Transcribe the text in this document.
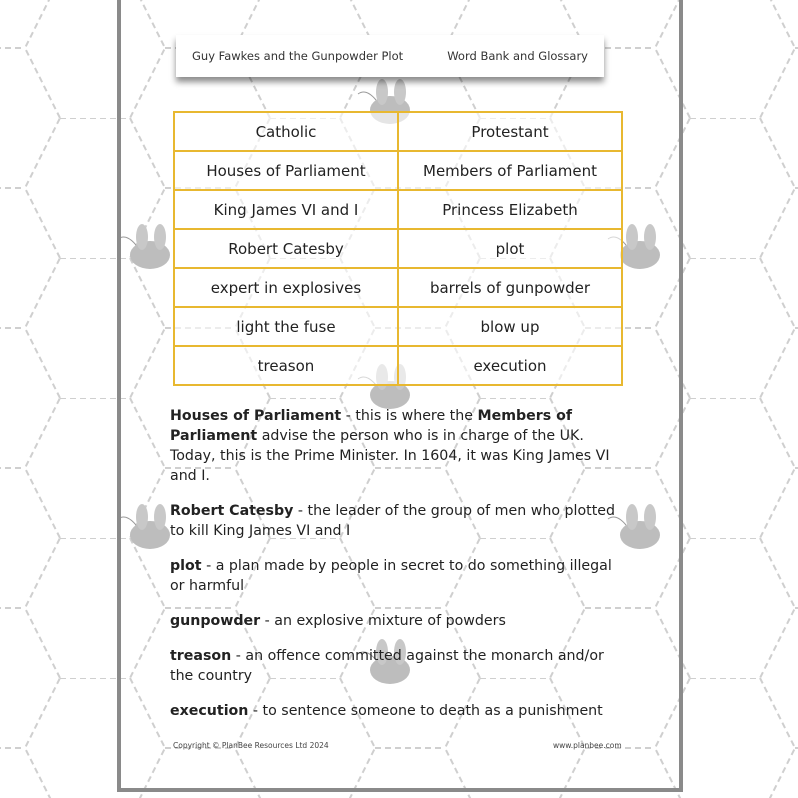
Guy Fawkes and the Gunpowder Plot	Word Bank and Glossary
Catholic	Protestant
Houses of Parliament	Members of Parliament
King James VI and I	Princess Elizabeth
Robert Catesby	plot
expert in explosives	barrels of gunpowder
light the fuse	blow up
treason	execution

Houses of Parliament - this is where the Members of Parliament advise the person who is in charge of the UK. Today, this is the Prime Minister. In 1604, it was King James VI and I.

Robert Catesby - the leader of the group of men who plotted to kill King James VI and I

plot - a plan made by people in secret to do something illegal or harmful

gunpowder - an explosive mixture of powders

treason - an offence committed against the monarch and/or the country

execution - to sentence someone to death as a punishment

Copyright © PlanBee Resources Ltd 2024	www.planbee.com
